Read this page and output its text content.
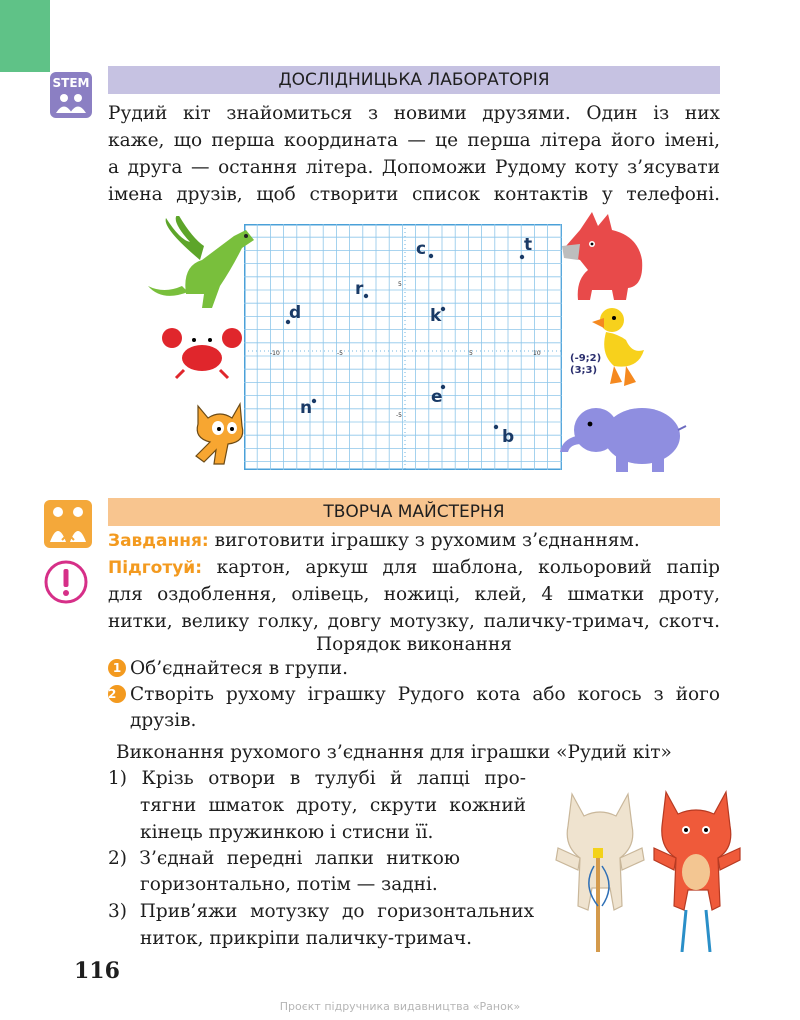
STEM	ДОСЛІДНИЦЬКА ЛАБОРАТОРІЯ
Рудий кіт знайомиться з новими друзями. Один із них
каже, що перша координата — це перша літера його імені,
а друга — остання літера. Допоможи Рудому коту з’ясувати
імена друзів, щоб створити список контактів у телефоні.
-10	-5	5	10
5
-5
c	t
r
d	k
n
e
b
(-9;2)
(3;3)
ТВОРЧА МАЙСТЕРНЯ
Завдання: виготовити іграшку з рухомим з’єднанням.
Підготуй: картон, аркуш для шаблона, кольоровий папір
для оздоблення, олівець, ножиці, клей, 4 шматки дроту,
нитки, велику голку, довгу мотузку, паличку-тримач, скотч.
Порядок виконання
1 Об’єднайтеся в групи.
2 Створіть рухому іграшку Рудого кота або когось з його
друзів.
Виконання рухомого з’єднання для іграшки «Рудий кіт»
1) Крізь отвори в тулубі й лапці про-
тягни шматок дроту, скрути кожний
кінець пружинкою і стисни її.
2) З’єднай передні лапки ниткою
горизонтально, потім — задні.
3) Прив’яжи мотузку до горизонтальних
ниток, прикріпи паличку-тримач.
116
Проєкт підручника видавництва «Ранок»
